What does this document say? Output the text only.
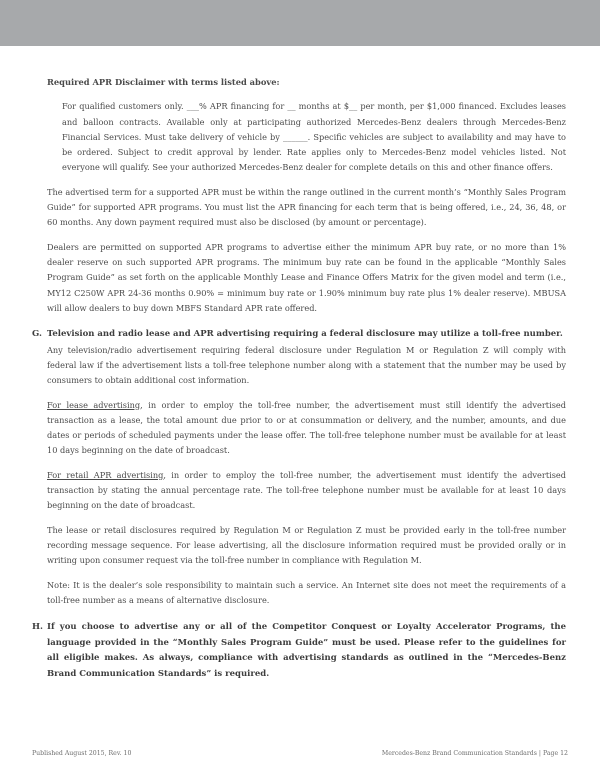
Required APR Disclaimer with terms listed above:

For qualified customers only. ___% APR financing for __ months at $__ per month, per $1,000 financed. Excludes leases and balloon contracts. Available only at participating authorized Mercedes-Benz dealers through Mercedes-Benz Financial Services. Must take delivery of vehicle by ______. Specific vehicles are subject to availability and may have to be ordered. Subject to credit approval by lender. Rate applies only to Mercedes-Benz model vehicles listed. Not everyone will qualify. See your authorized Mercedes-Benz dealer for complete details on this and other finance offers.

The advertised term for a supported APR must be within the range outlined in the current month’s “Monthly Sales Program Guide” for supported APR programs. You must list the APR financing for each term that is being offered, i.e., 24, 36, 48, or 60 months. Any down payment required must also be disclosed (by amount or percentage).

Dealers are permitted on supported APR programs to advertise either the minimum APR buy rate, or no more than 1% dealer reserve on such supported APR programs. The minimum buy rate can be found in the applicable “Monthly Sales Program Guide” as set forth on the applicable Monthly Lease and Finance Offers Matrix for the given model and term (i.e., MY12 C250W APR 24-36 months 0.90% = minimum buy rate or 1.90% minimum buy rate plus 1% dealer reserve). MBUSA will allow dealers to buy down MBFS Standard APR rate offered.

G. Television and radio lease and APR advertising requiring a federal disclosure may utilize a toll-free number.

Any television/radio advertisement requiring federal disclosure under Regulation M or Regulation Z will comply with federal law if the advertisement lists a toll-free telephone number along with a statement that the number may be used by consumers to obtain additional cost information.

For lease advertising, in order to employ the toll-free number, the advertisement must still identify the advertised transaction as a lease, the total amount due prior to or at consummation or delivery, and the number, amounts, and due dates or periods of scheduled payments under the lease offer. The toll-free telephone number must be available for at least 10 days beginning on the date of broadcast.

For retail APR advertising, in order to employ the toll-free number, the advertisement must identify the advertised transaction by stating the annual percentage rate. The toll-free telephone number must be available for at least 10 days beginning on the date of broadcast.

The lease or retail disclosures required by Regulation M or Regulation Z must be provided early in the toll-free number recording message sequence. For lease advertising, all the disclosure information required must be provided orally or in writing upon consumer request via the toll-free number in compliance with Regulation M.

Note: It is the dealer’s sole responsibility to maintain such a service. An Internet site does not meet the requirements of a toll-free number as a means of alternative disclosure.

H. If you choose to advertise any or all of the Competitor Conquest or Loyalty Accelerator Programs, the language provided in the “Monthly Sales Program Guide” must be used. Please refer to the guidelines for all eligible makes. As always, compliance with advertising standards as outlined in the “Mercedes-Benz Brand Communication Standards” is required.

Published August 2015, Rev. 10	Mercedes-Benz Brand Communication Standards | Page 12
